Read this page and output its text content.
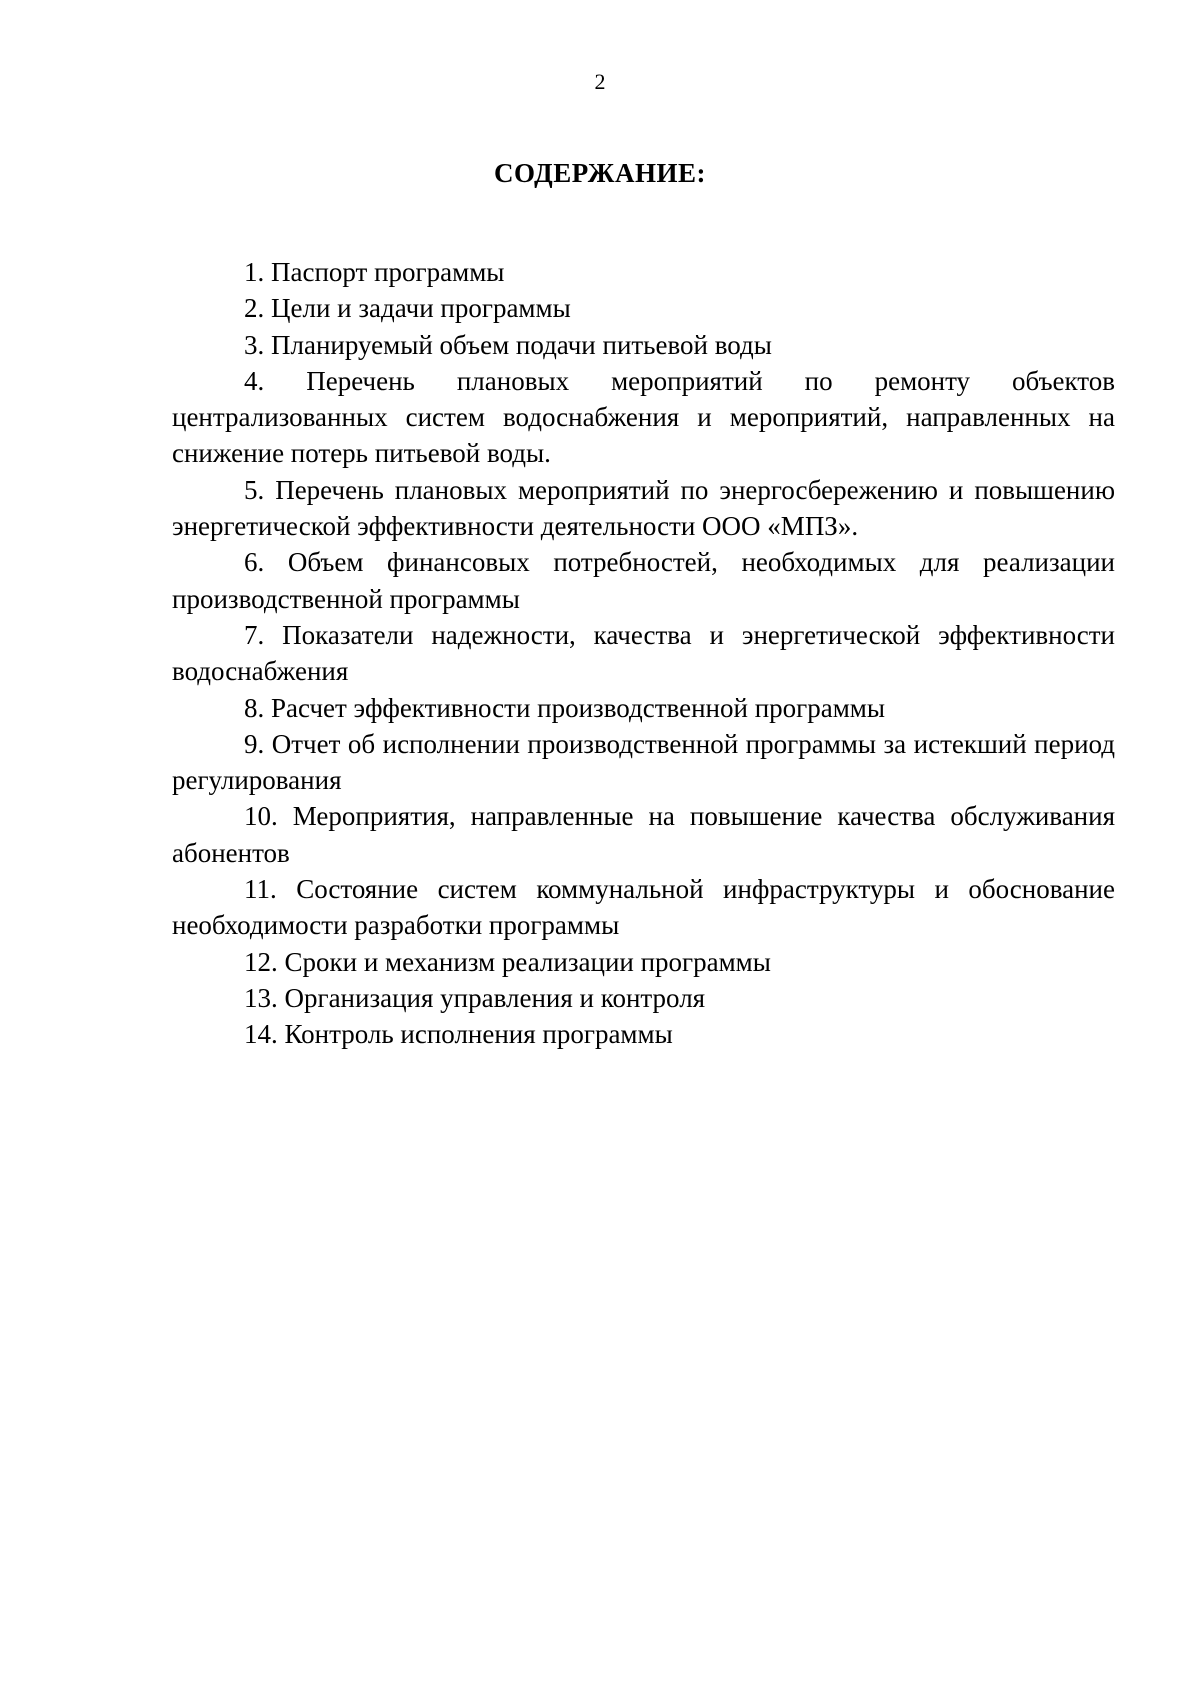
2
СОДЕРЖАНИЕ:

1. Паспорт программы

2. Цели и задачи программы

3. Планируемый объем подачи питьевой воды

4. Перечень плановых мероприятий по ремонту объектов централизованных систем водоснабжения и мероприятий, направленных на снижение потерь питьевой воды.

5. Перечень плановых мероприятий по энергосбережению и повышению энергетической эффективности деятельности ООО «МПЗ».

6. Объем финансовых потребностей, необходимых для реализации производственной программы

7. Показатели надежности, качества и энергетической эффективности водоснабжения

8. Расчет эффективности производственной программы

9. Отчет об исполнении производственной программы за истекший период регулирования

10. Мероприятия, направленные на повышение качества обслуживания абонентов

11. Состояние систем коммунальной инфраструктуры и обоснование необходимости разработки программы

12. Сроки и механизм реализации программы

13. Организация управления и контроля

14. Контроль исполнения программы
